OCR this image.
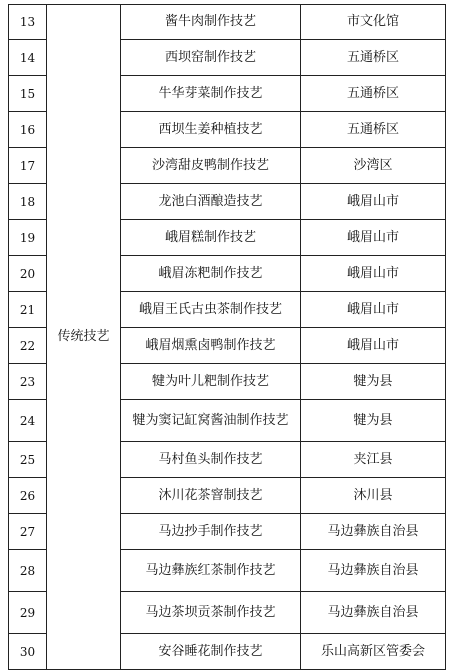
13	传统技艺	酱牛肉制作技艺	市文化馆
14		西坝窑制作技艺	五通桥区
15		牛华芽菜制作技艺	五通桥区
16		西坝生姜种植技艺	五通桥区
17		沙湾甜皮鸭制作技艺	沙湾区
18		龙池白酒酿造技艺	峨眉山市
19		峨眉糕制作技艺	峨眉山市
20		峨眉冻粑制作技艺	峨眉山市
21		峨眉王氏古虫茶制作技艺	峨眉山市
22		峨眉烟熏卤鸭制作技艺	峨眉山市
23		犍为叶儿粑制作技艺	犍为县
24		犍为窦记缸窝酱油制作技艺	犍为县
25		马村鱼头制作技艺	夹江县
26		沐川花茶窨制技艺	沐川县
27		马边抄手制作技艺	马边彝族自治县
28		马边彝族红茶制作技艺	马边彝族自治县
29		马边茶坝贡茶制作技艺	马边彝族自治县
30		安谷睡花制作技艺	乐山高新区管委会
